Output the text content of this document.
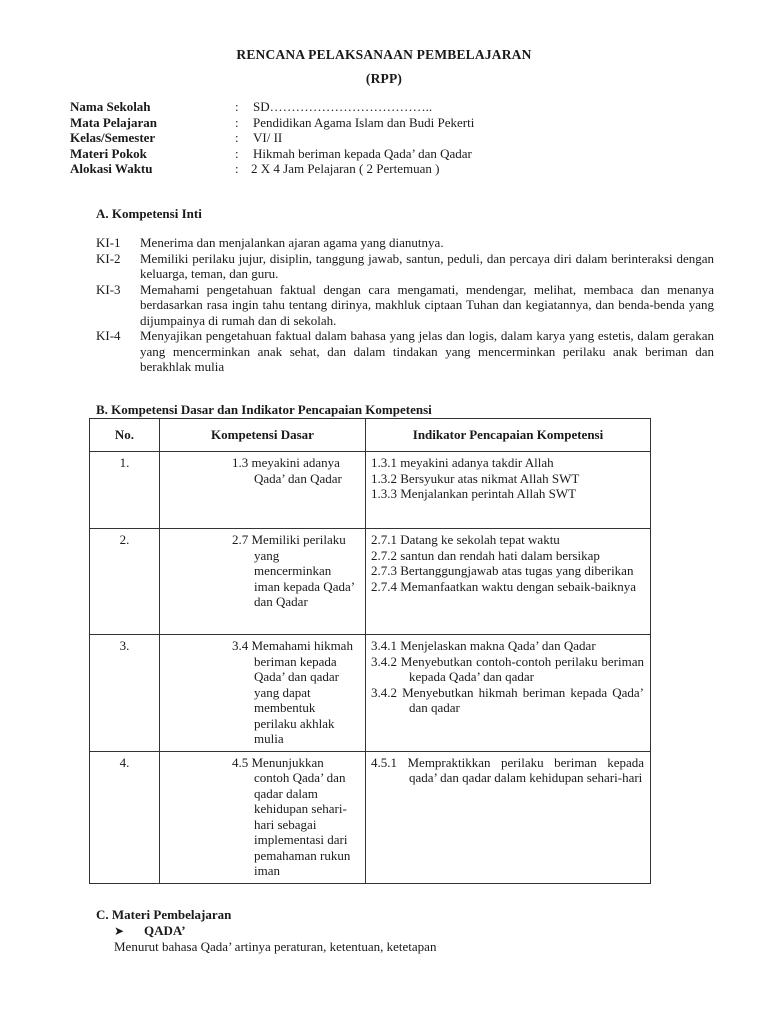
RENCANA PELAKSANAAN PEMBELAJARAN
(RPP)
Nama Sekolah	: SD………………………………..
Mata Pelajaran	: Pendidikan Agama Islam dan Budi Pekerti
Kelas/Semester	: VI/ II
Materi Pokok	: Hikmah beriman kepada Qada’ dan Qadar
Alokasi Waktu	: 2 X 4 Jam Pelajaran ( 2 Pertemuan )
A. Kompetensi Inti
KI-1 Menerima dan menjalankan ajaran agama yang dianutnya.
KI-2 Memiliki perilaku jujur, disiplin, tanggung jawab, santun, peduli, dan percaya diri dalam berinteraksi dengan keluarga, teman, dan guru.
KI-3 Memahami pengetahuan faktual dengan cara mengamati, mendengar, melihat, membaca dan menanya berdasarkan rasa ingin tahu tentang dirinya, makhluk ciptaan Tuhan dan kegiatannya, dan benda-benda yang dijumpainya di rumah dan di sekolah.
KI-4 Menyajikan pengetahuan faktual dalam bahasa yang jelas dan logis, dalam karya yang estetis, dalam gerakan yang mencerminkan anak sehat, dan dalam tindakan yang mencerminkan perilaku anak beriman dan berakhlak mulia
B. Kompetensi Dasar dan Indikator Pencapaian Kompetensi
No.	Kompetensi Dasar	Indikator Pencapaian Kompetensi
1.	1.3 meyakini adanya Qada’ dan Qadar	1.3.1 meyakini adanya takdir Allah
1.3.2 Bersyukur atas nikmat Allah SWT
1.3.3 Menjalankan perintah Allah SWT

2.	2.7 Memiliki perilaku yang mencerminkan iman kepada Qada’ dan Qadar	2.7.1 Datang ke sekolah tepat waktu
2.7.2 santun dan rendah hati dalam bersikap
2.7.3 Bertanggungjawab atas tugas yang diberikan
2.7.4 Memanfaatkan waktu dengan sebaik-baiknya

3.	3.4 Memahami hikmah beriman kepada Qada’ dan qadar yang dapat membentuk perilaku akhlak mulia	3.4.1 Menjelaskan makna Qada’ dan Qadar
3.4.2 Menyebutkan contoh-contoh perilaku beriman kepada Qada’ dan qadar
3.4.2 Menyebutkan hikmah beriman kepada Qada’ dan qadar

4.	4.5 Menunjukkan contoh Qada’ dan qadar dalam kehidupan sehari-hari sebagai implementasi dari pemahaman rukun iman	4.5.1 Mempraktikkan perilaku beriman kepada qada’ dan qadar dalam kehidupan sehari-hari
C. Materi Pembelajaran
➤ QADA’
Menurut bahasa Qada’ artinya peraturan, ketentuan, ketetapan
